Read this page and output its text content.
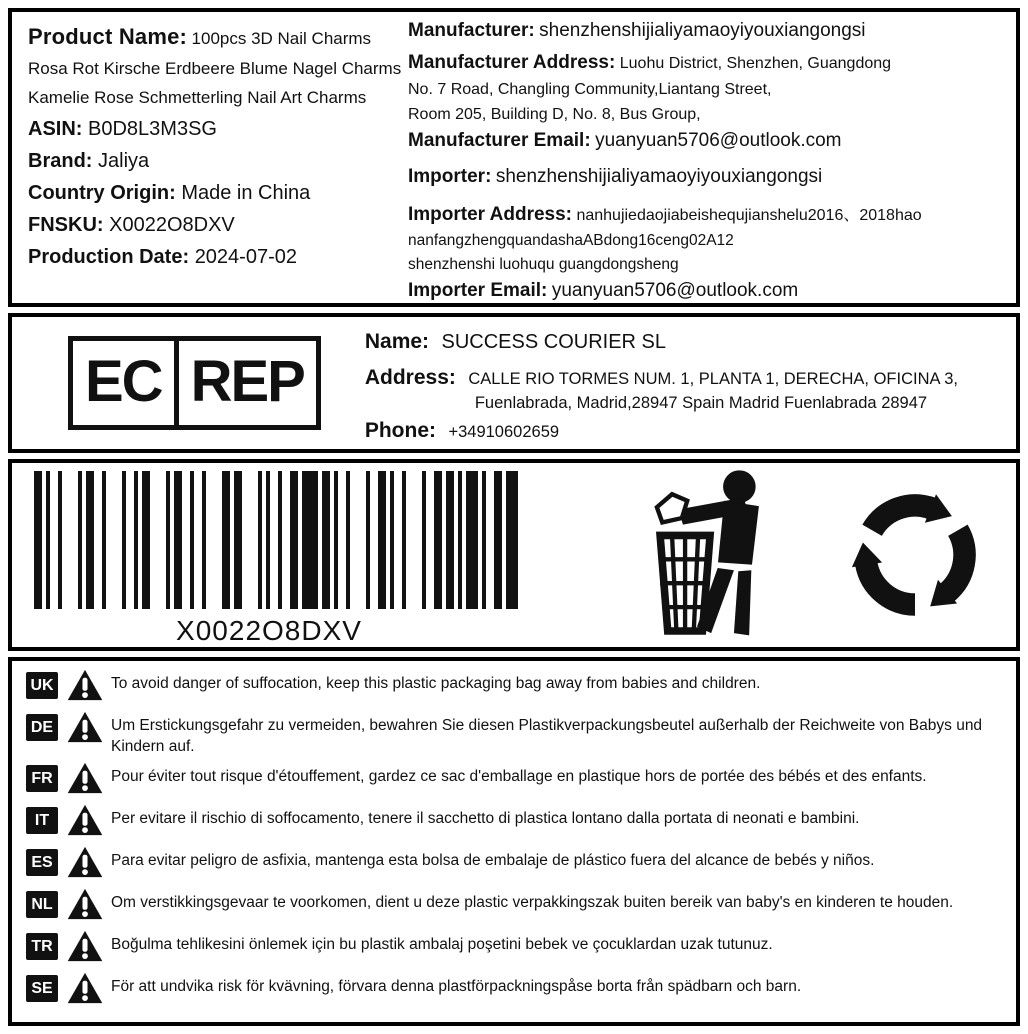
Product Name: 100pcs 3D Nail Charms
Rosa Rot Kirsche Erdbeere Blume Nagel Charms
Kamelie Rose Schmetterling Nail Art Charms
ASIN: B0D8L3M3SG
Brand: Jaliya
Country Origin: Made in China
FNSKU: X0022O8DXV
Production Date: 2024-07-02
Manufacturer: shenzhenshijialiyamaoyiyouxiangongsi
Manufacturer Address: Luohu District, Shenzhen, Guangdong
No. 7 Road, Changling Community,Liantang Street,
Room 205, Building D, No. 8, Bus Group,
Manufacturer Email: yuanyuan5706@outlook.com
Importer: shenzhenshijialiyamaoyiyouxiangongsi
Importer Address: nanhujiedaojiabeishequjianshelu2016、2018hao
nanfangzhengquandashaABdong16ceng02A12
shenzhenshi luohuqu guangdongsheng
Importer Email: yuanyuan5706@outlook.com
EC REP
Name: SUCCESS COURIER SL
Address: CALLE RIO TORMES NUM. 1, PLANTA 1, DERECHA, OFICINA 3,
Fuenlabrada, Madrid,28947 Spain Madrid Fuenlabrada 28947
Phone: +34910602659
X0022O8DXV
UK	To avoid danger of suffocation, keep this plastic packaging bag away from babies and children.
DE	Um Erstickungsgefahr zu vermeiden, bewahren Sie diesen Plastikverpackungsbeutel außerhalb der Reichweite von Babys und Kindern auf.
FR	Pour éviter tout risque d'étouffement, gardez ce sac d'emballage en plastique hors de portée des bébés et des enfants.
IT	Per evitare il rischio di soffocamento, tenere il sacchetto di plastica lontano dalla portata di neonati e bambini.
ES	Para evitar peligro de asfixia, mantenga esta bolsa de embalaje de plástico fuera del alcance de bebés y niños.
NL	Om verstikkingsgevaar te voorkomen, dient u deze plastic verpakkingszak buiten bereik van baby's en kinderen te houden.
TR	Boğulma tehlikesini önlemek için bu plastik ambalaj poşetini bebek ve çocuklardan uzak tutunuz.
SE	För att undvika risk för kvävning, förvara denna plastförpackningspåse borta från spädbarn och barn.
